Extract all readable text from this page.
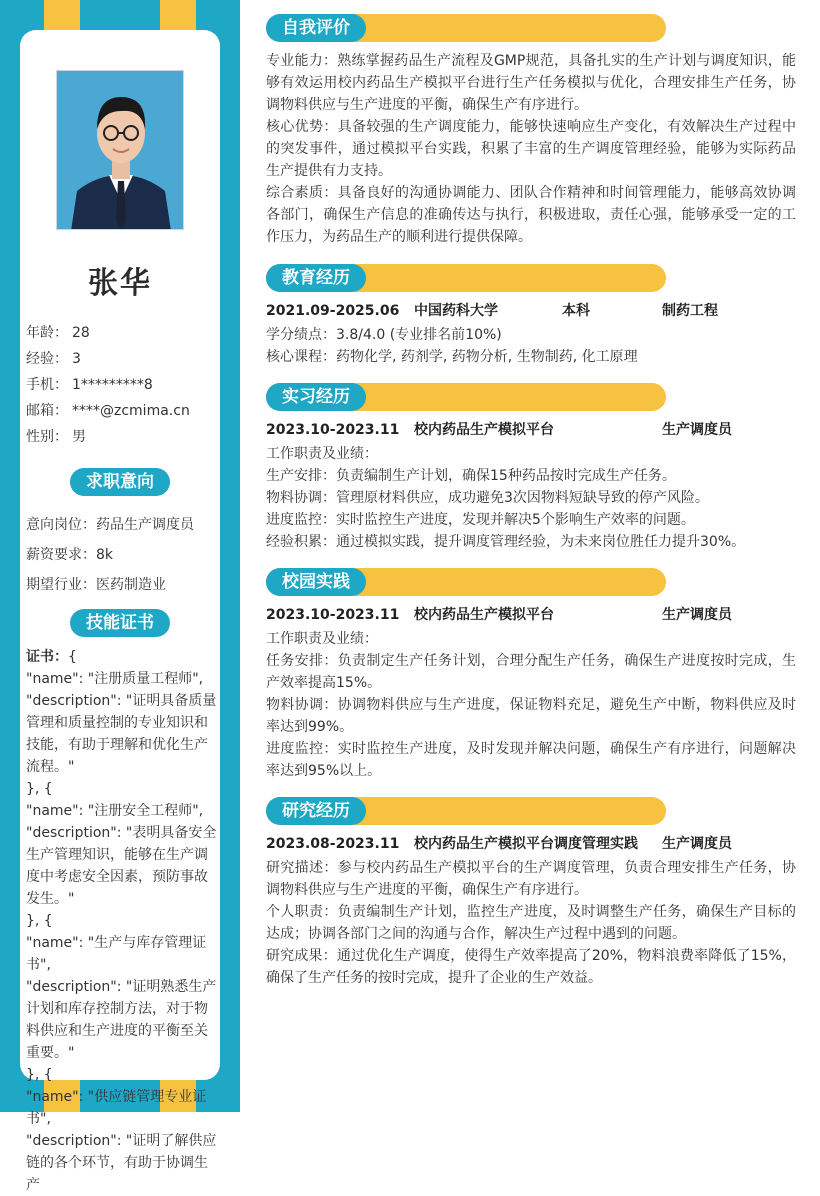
张华
年龄： 28
经验： 3
手机： 1*********8
邮箱： ****@zcmima.cn
性别： 男
求职意向
意向岗位：药品生产调度员
薪资要求：8k
期望行业：医药制造业
技能证书
证书：{
"name": "注册质量工程师",
"description": "证明具备质量管理和质量控制的专业知识和技能，有助于理解和优化生产流程。"
}, {
"name": "注册安全工程师",
"description": "表明具备安全生产管理知识，能够在生产调度中考虑安全因素，预防事故发生。"
}, {
"name": "生产与库存管理证书",
"description": "证明熟悉生产计划和库存控制方法，对于物料供应和生产进度的平衡至关重要。"
}, {
"name": "供应链管理专业证书",
"description": "证明了解供应链的各个环节，有助于协调生产
自我评价
专业能力：熟练掌握药品生产流程及GMP规范，具备扎实的生产计划与调度知识，能够有效运用校内药品生产模拟平台进行生产任务模拟与优化，合理安排生产任务，协调物料供应与生产进度的平衡，确保生产有序进行。
核心优势：具备较强的生产调度能力，能够快速响应生产变化，有效解决生产过程中的突发事件，通过模拟平台实践，积累了丰富的生产调度管理经验，能够为实际药品生产提供有力支持。
综合素质：具备良好的沟通协调能力、团队合作精神和时间管理能力，能够高效协调各部门，确保生产信息的准确传达与执行，积极进取，责任心强，能够承受一定的工作压力，为药品生产的顺利进行提供保障。
教育经历
2021.09-2025.06 中国药科大学	本科	制药工程
学分绩点：3.8/4.0 (专业排名前10%)
核心课程：药物化学, 药剂学, 药物分析, 生物制药, 化工原理
实习经历
2023.10-2023.11 校内药品生产模拟平台	生产调度员
工作职责及业绩：
生产安排：负责编制生产计划，确保15种药品按时完成生产任务。
物料协调：管理原材料供应，成功避免3次因物料短缺导致的停产风险。
进度监控：实时监控生产进度，发现并解决5个影响生产效率的问题。
经验积累：通过模拟实践，提升调度管理经验，为未来岗位胜任力提升30%。
校园实践
2023.10-2023.11 校内药品生产模拟平台	生产调度员
工作职责及业绩：
任务安排：负责制定生产任务计划，合理分配生产任务，确保生产进度按时完成，生产效率提高15%。
物料协调：协调物料供应与生产进度，保证物料充足，避免生产中断，物料供应及时率达到99%。
进度监控：实时监控生产进度，及时发现并解决问题，确保生产有序进行，问题解决率达到95%以上。
研究经历
2023.08-2023.11 校内药品生产模拟平台调度管理实践 生产调度员
研究描述：参与校内药品生产模拟平台的生产调度管理，负责合理安排生产任务，协调物料供应与生产进度的平衡，确保生产有序进行。
个人职责：负责编制生产计划，监控生产进度，及时调整生产任务，确保生产目标的达成；协调各部门之间的沟通与合作，解决生产过程中遇到的问题。
研究成果：通过优化生产调度，使得生产效率提高了20%，物料浪费率降低了15%，确保了生产任务的按时完成，提升了企业的生产效益。
